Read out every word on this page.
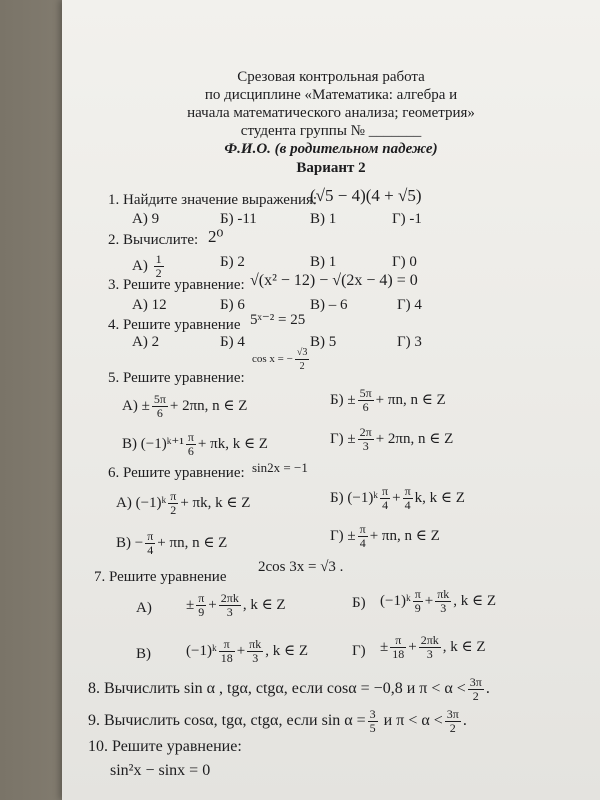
Срезовая контрольная работа
по дисциплине «Математика: алгебра и
начала математического анализа; геометрия»
студента группы № _______
Ф.И.О. (в родительном падеже)
Вариант 2
1. Найдите значение выражения:
(√5 − 4)(4 + √5)
А) 9	Б) -11	В) 1	Г) -1
2. Вычислите: 2⁰
$А) \frac{1}{2}$	Б) 2	В) 1	Г) 0
3. Решите уравнение: √(x² − 12) − √(2x − 4) = 0
А) 12	Б) 6	В) – 6	Г) 4
4. Решите уравнение 5ˣ⁻² = 25
А) 2	Б) 4	В) 5	Г) 3
cos x = − $\frac{√3}{2}$
5. Решите уравнение:
$А) \pm \frac{5\pi}{6} + 2\pi n$, n ∈ Z	$Б) \pm \frac{5\pi}{6} + \pi n$, n ∈ Z
В) (−1)ᵏ⁺¹ $\frac{\pi}{6} + \pi k$, k ∈ Z	$Г) \pm \frac{2\pi}{3} + 2\pi n$, n ∈ Z
6. Решите уравнение: sin2x = −1
А) (−1)ᵏ $\frac{\pi}{2} + \pi k$, k ∈ Z	Б) (−1)ᵏ $\frac{\pi}{4} + \frac{\pi}{4} k$, k ∈ Z
$В) - \frac{\pi}{4} + \pi n$, n ∈ Z	$Г) \pm \frac{\pi}{4} + \pi n$, n ∈ Z
7. Решите уравнение
2cos 3x = √3 .
$А) \pm \frac{\pi}{9} + \frac{2\pi k}{3}$ , k ∈ Z	Б) (−1)ᵏ $\frac{\pi}{9} + \frac{\pi k}{3}$ , k ∈ Z
В) (−1)ᵏ $\frac{\pi}{18} + \frac{\pi k}{3}$ , k ∈ Z	$Г) \pm \frac{\pi}{18} + \frac{2\pi k}{3}$ , k ∈ Z
8. Вычислить sin α , tgα, ctgα, если cosα = −0,8 и $\pi < \alpha < \frac{3\pi}{2}$ .
9. Вычислить cosα, tgα, ctgα, если $\sin \alpha = \frac{3}{5}$ и $\pi < \alpha < \frac{3\pi}{2}$ .
10. Решите уравнение:
sin²x − sinx = 0
